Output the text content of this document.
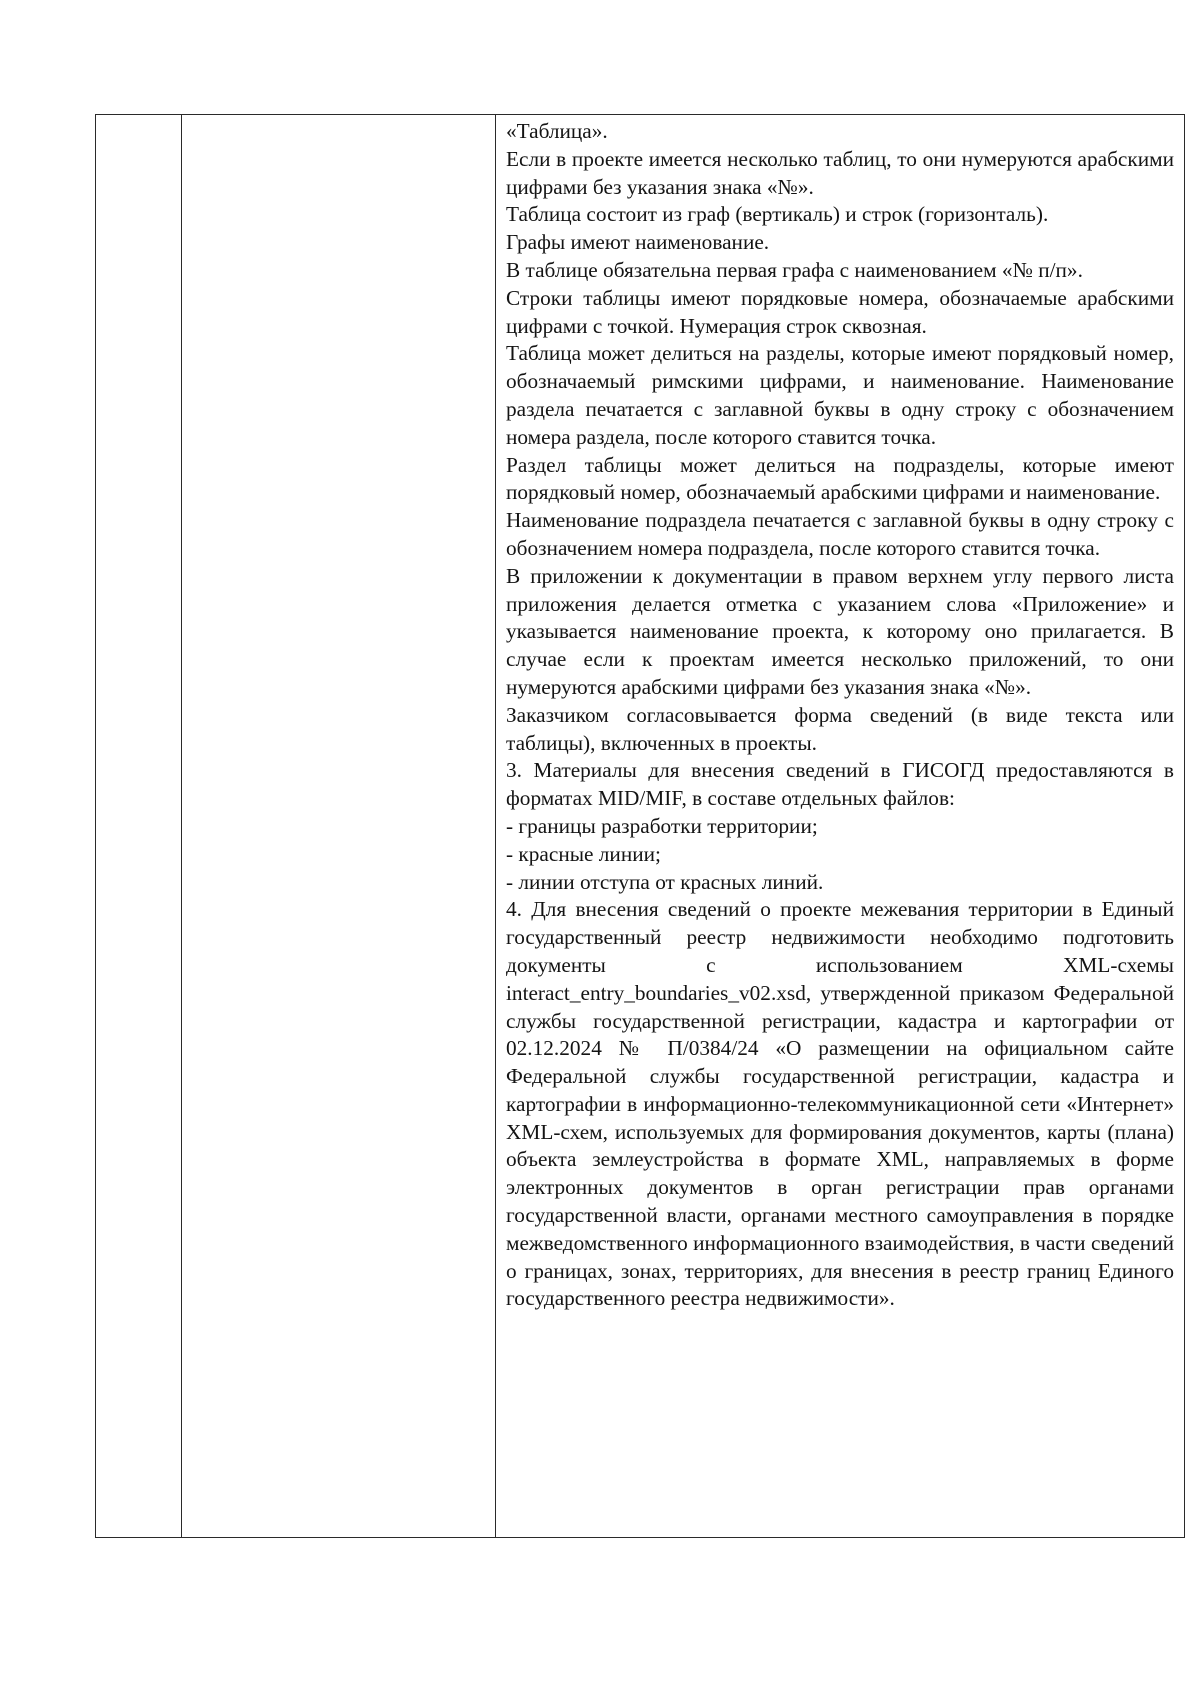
«Таблица».

Если в проекте имеется несколько таблиц, то они нумеруются арабскими цифрами без указания знака «№».

Таблица состоит из граф (вертикаль) и строк (горизонталь).

Графы имеют наименование.

В таблице обязательна первая графа с наименованием «№ п/п».

Строки таблицы имеют порядковые номера, обозначаемые арабскими цифрами с точкой. Нумерация строк сквозная.

Таблица может делиться на разделы, которые имеют порядковый номер, обозначаемый римскими цифрами, и наименование. Наименование раздела печатается с заглавной буквы в одну строку с обозначением номера раздела, после которого ставится точка.

Раздел таблицы может делиться на подразделы, которые имеют порядковый номер, обозначаемый арабскими цифрами и наименование.

Наименование подраздела печатается с заглавной буквы в одну строку с обозначением номера подраздела, после которого ставится точка.

В приложении к документации в правом верхнем углу первого листа приложения делается отметка с указанием слова «Приложение» и указывается наименование проекта, к которому оно прилагается. В случае если к проектам имеется несколько приложений, то они нумеруются арабскими цифрами без указания знака «№».

Заказчиком согласовывается форма сведений (в виде текста или таблицы), включенных в проекты.

3. Материалы для внесения сведений в ГИСОГД предоставляются в форматах MID/MIF, в составе отдельных файлов:

- границы разработки территории;

- красные линии;

- линии отступа от красных линий.

4. Для внесения сведений о проекте межевания территории в Единый государственный реестр недвижимости необходимо подготовить документы с использованием XML-схемы interact_entry_boundaries_v02.xsd, утвержденной приказом Федеральной службы государственной регистрации, кадастра и картографии от 02.12.2024 № П/0384/24 «О размещении на официальном сайте Федеральной службы государственной регистрации, кадастра и картографии в информационно-телекоммуникационной сети «Интернет» XML-схем, используемых для формирования документов, карты (плана) объекта землеустройства в формате XML, направляемых в форме электронных документов в орган регистрации прав органами государственной власти, органами местного самоуправления в порядке межведомственного информационного взаимодействия, в части сведений о границах, зонах, территориях, для внесения в реестр границ Единого государственного реестра недвижимости».
